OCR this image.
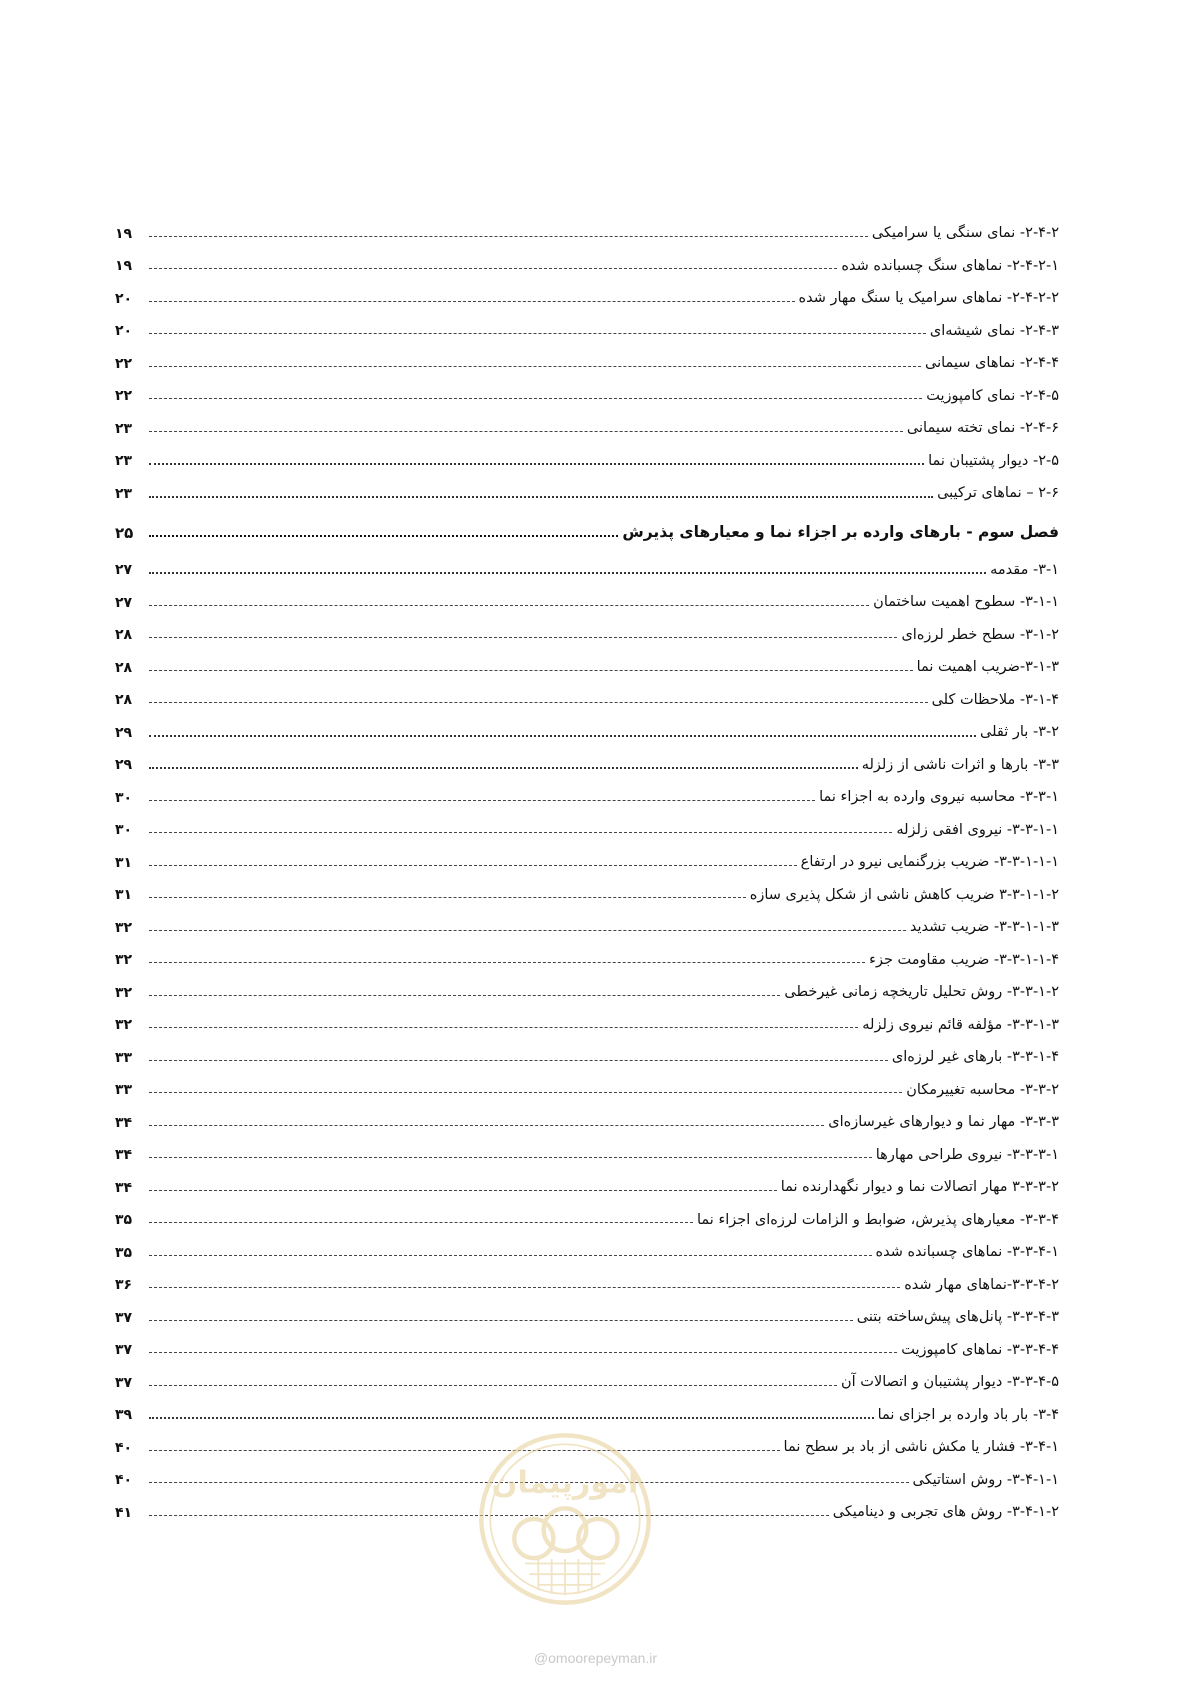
۲-۴-۲- نمای سنگی یا سراميکی
۱۹
۲-۴-۲-۱- نماهای سنگ چسبانده شده
۱۹
۲-۴-۲-۲- نماهای سرامیک یا سنگ مهار شده
۲۰
۲-۴-۳- نمای شیشه‌ای
۲۰
۲-۴-۴- نماهای سیمانی
۲۲
۲-۴-۵- نمای کامپوزیت
۲۲
۲-۴-۶- نمای تخته سیمانی
۲۳
۲-۵- دیوار پشتیبان نما
۲۳
۲-۶ – نماهای ترکیبی
۲۳
فصل سوم - بارهای وارده بر اجزاء نما و معیارهای پذیرش
۲۵
۳-۱- مقدمه
۲۷
۳-۱-۱- سطوح اهمیت ساختمان
۲۷
۳-۱-۲- سطح خطر لرزه‌ای
۲۸
۳-۱-۳-ضریب اهمیت نما
۲۸
۳-۱-۴- ملاحظات کلی
۲۸
۳-۲- بار ثقلی
۲۹
۳-۳- بارها و اثرات ناشی از زلزله
۲۹
۳-۳-۱- محاسبه نیروی وارده به اجزاء نما
۳۰
۳-۳-۱-۱- نیروی افقی زلزله
۳۰
۳-۳-۱-۱-۱- ضریب بزرگنمایی نیرو در ارتفاع
۳۱
۳-۳-۱-۱-۲ ضریب کاهش ناشی از شکل پذیری سازه
۳۱
۳-۳-۱-۱-۳- ضریب تشدید
۳۲
۳-۳-۱-۱-۴- ضریب مقاومت جزء
۳۲
۳-۳-۱-۲- روش تحلیل تاریخچه زمانی غیرخطی
۳۲
۳-۳-۱-۳- مؤلفه قائم نیروی زلزله
۳۲
۳-۳-۱-۴- بارهای غیر لرزه‌ای
۳۳
۳-۳-۲- محاسبه تغییرمکان
۳۳
۳-۳-۳- مهار نما و دیوارهای غیرسازه‌ای
۳۴
۳-۳-۳-۱- نیروی طراحی مهارها
۳۴
۳-۳-۳-۲ مهار اتصالات نما و دیوار نگهدارنده نما
۳۴
۳-۳-۴- معیارهای پذیرش، ضوابط و الزامات لرزه‌ای اجزاء نما
۳۵
۳-۳-۴-۱- نماهای چسبانده شده
۳۵
۳-۳-۴-۲-نماهای مهار شده
۳۶
۳-۳-۴-۳- پانل‌های پیش‌ساخته بتنی
۳۷
۳-۳-۴-۴- نماهای کامپوزیت
۳۷
۳-۳-۴-۵- دیوار پشتیبان و اتصالات آن
۳۷
۳-۴- بار باد وارده بر اجزای نما
۳۹
۳-۴-۱- فشار یا مکش ناشی از باد بر سطح نما
۴۰
۳-۴-۱-۱- روش استاتیکی
۴۰
۳-۴-۱-۲- روش های تجربی و دینامیکی
۴۱
امورپیمان
@omoorepeyman.ir
